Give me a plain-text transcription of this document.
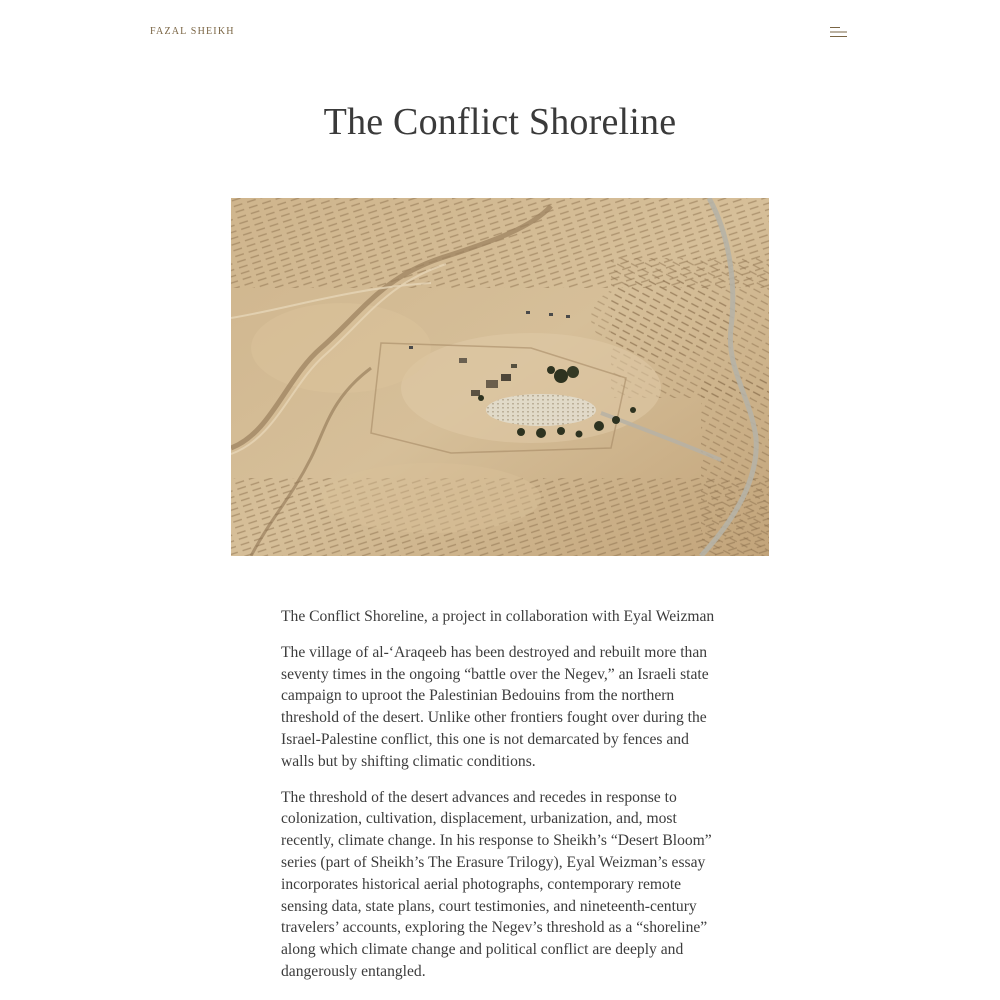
FAZAL SHEIKH
The Conflict Shoreline

The Conflict Shoreline, a project in collaboration with Eyal Weizman

The village of al-‘Araqeeb has been destroyed and rebuilt more than seventy times in the ongoing “battle over the Negev,” an Israeli state campaign to uproot the Palestinian Bedouins from the northern threshold of the desert. Unlike other frontiers fought over during the Israel-Palestine conflict, this one is not demarcated by fences and walls but by shifting climatic conditions.

The threshold of the desert advances and recedes in response to colonization, cultivation, displacement, urbanization, and, most recently, climate change. In his response to Sheikh’s “Desert Bloom” series (part of Sheikh’s The Erasure Trilogy), Eyal Weizman’s essay incorporates historical aerial photographs, contemporary remote sensing data, state plans, court testimonies, and nineteenth-century travelers’ accounts, exploring the Negev’s threshold as a “shoreline” along which climate change and political conflict are deeply and dangerously entangled.
